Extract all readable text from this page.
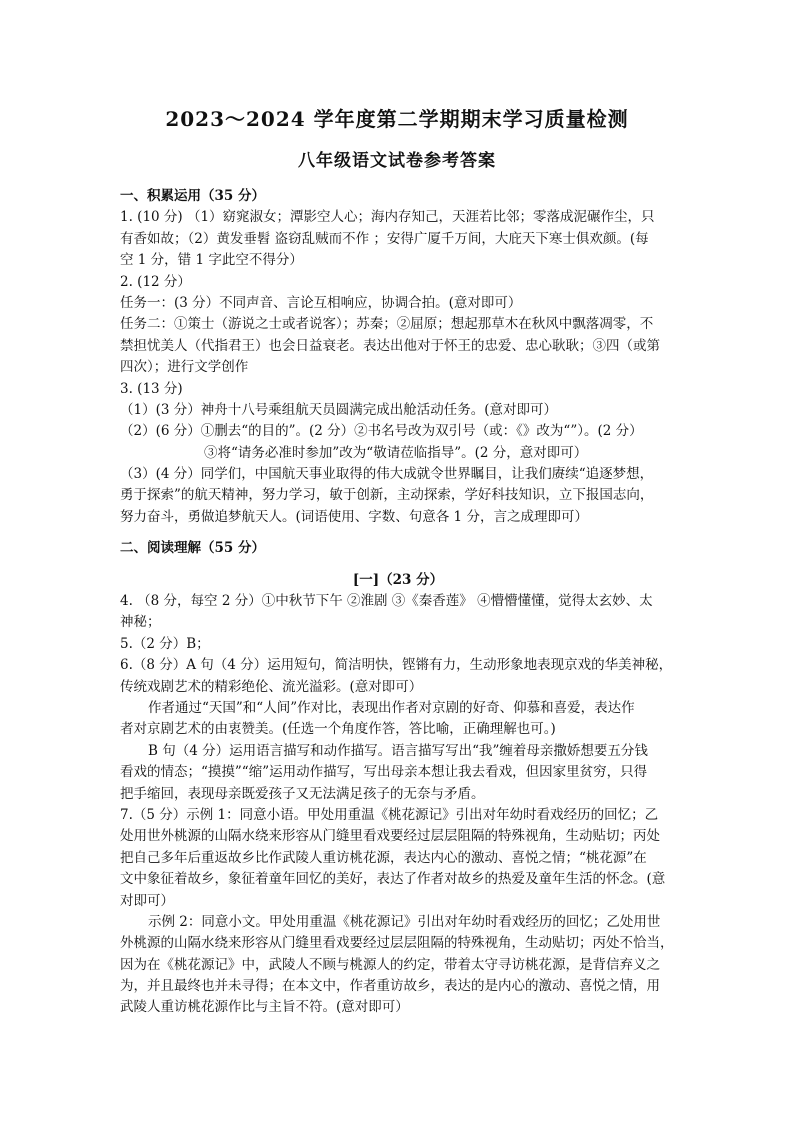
2023～2024 学年度第二学期期末学习质量检测
八年级语文试卷参考答案
一、积累运用（35 分）
1. (10 分) （1）窈窕淑女；潭影空人心；海内存知己，天涯若比邻；零落成泥碾作尘，只
有香如故；（2）黄发垂髫 盗窃乱贼而不作 ；安得广厦千万间，大庇天下寒士俱欢颜。(每
空 1 分，错 1 字此空不得分）
2. (12 分）
任务一：(3 分）不同声音、言论互相响应，协调合拍。(意对即可）
任务二：①策士（游说之士或者说客）；苏秦；②屈原；想起那草木在秋风中飘落凋零，不
禁担忧美人（代指君王）也会日益衰老。表达出他对于怀王的忠爱、忠心耿耿；③四（或第
四次）；进行文学创作
3. (13 分)
（1）(3 分）神舟十八号乘组航天员圆满完成出舱活动任务。(意对即可）
（2）(6 分）①删去“的目的”。(2 分）②书名号改为双引号（或：《》改为“”）。(2 分）
③将“请务必准时参加”改为“敬请莅临指导”。(2 分，意对即可）
（3）(4 分）同学们，中国航天事业取得的伟大成就令世界瞩目，让我们赓续“追逐梦想，
勇于探索”的航天精神，努力学习，敏于创新，主动探索，学好科技知识，立下报国志向，
努力奋斗，勇做追梦航天人。(词语使用、字数、句意各 1 分，言之成理即可）
二、阅读理解（55 分）
[一]（23 分）
4. （8 分，每空 2 分）①中秋节下午 ②淮剧 ③《秦香莲》 ④懵懵懂懂，觉得太玄妙、太
神秘；
5.（2 分）B；
6.（8 分）A 句（4 分）运用短句，简洁明快，铿锵有力，生动形象地表现京戏的华美神秘，
传统戏剧艺术的精彩绝伦、流光溢彩。(意对即可）
作者通过“天国”和“人间”作对比，表现出作者对京剧的好奇、仰慕和喜爱，表达作
者对京剧艺术的由衷赞美。(任选一个角度作答，答比喻，正确理解也可。)
B 句（4 分）运用语言描写和动作描写。语言描写写出“我”缠着母亲撒娇想要五分钱
看戏的情态；“摸摸”“缩”运用动作描写，写出母亲本想让我去看戏，但因家里贫穷，只得
把手缩回，表现母亲既爱孩子又无法满足孩子的无奈与矛盾。
7.（5 分）示例 1：同意小语。甲处用重温《桃花源记》引出对年幼时看戏经历的回忆；乙
处用世外桃源的山隔水绕来形容从门缝里看戏要经过层层阻隔的特殊视角，生动贴切；丙处
把自己多年后重返故乡比作武陵人重访桃花源，表达内心的激动、喜悦之情；“桃花源”在
文中象征着故乡，象征着童年回忆的美好，表达了作者对故乡的热爱及童年生活的怀念。(意
对即可）
示例 2：同意小文。甲处用重温《桃花源记》引出对年幼时看戏经历的回忆；乙处用世
外桃源的山隔水绕来形容从门缝里看戏要经过层层阻隔的特殊视角，生动贴切；丙处不恰当，
因为在《桃花源记》中，武陵人不顾与桃源人的约定，带着太守寻访桃花源，是背信弃义之
为，并且最终也并未寻得；在本文中，作者重访故乡，表达的是内心的激动、喜悦之情，用
武陵人重访桃花源作比与主旨不符。(意对即可）
